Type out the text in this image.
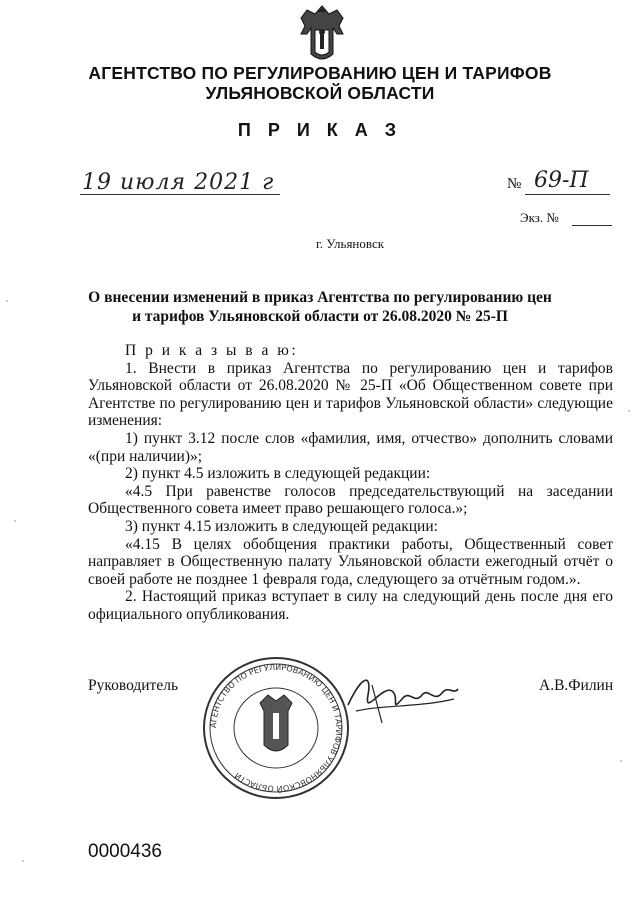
АГЕНТСТВО ПО РЕГУЛИРОВАНИЮ ЦЕН И ТАРИФОВ
УЛЬЯНОВСКОЙ ОБЛАСТИ
П Р И К А З
19 июля 2021 г	№ 69-П
Экз. №
г. Ульяновск
О внесении изменений в приказ Агентства по регулированию цен
и тарифов Ульяновской области от 26.08.2020 № 25-П

П р и к а з ы в а ю:

1. Внести в приказ Агентства по регулированию цен и тарифов Ульяновской области от 26.08.2020 № 25-П «Об Общественном совете при Агентстве по регулированию цен и тарифов Ульяновской области» следующие изменения:

1) пункт 3.12 после слов «фамилия, имя, отчество» дополнить словами «(при наличии)»;

2) пункт 4.5 изложить в следующей редакции:

«4.5 При равенстве голосов председательствующий на заседании Общественного совета имеет право решающего голоса.»;

3) пункт 4.15 изложить в следующей редакции:

«4.15 В целях обобщения практики работы, Общественный совет направляет в Общественную палату Ульяновской области ежегодный отчёт о своей работе не позднее 1 февраля года, следующего за отчётным годом.».

2. Настоящий приказ вступает в силу на следующий день после дня его официального опубликования.

АГЕНТСТВО ПО РЕГУЛИРОВАНИЮ ЦЕН И ТАРИФОВ УЛЬЯНОВСКОЙ ОБЛАСТИ
Руководитель	А.В.Филин
0000436
